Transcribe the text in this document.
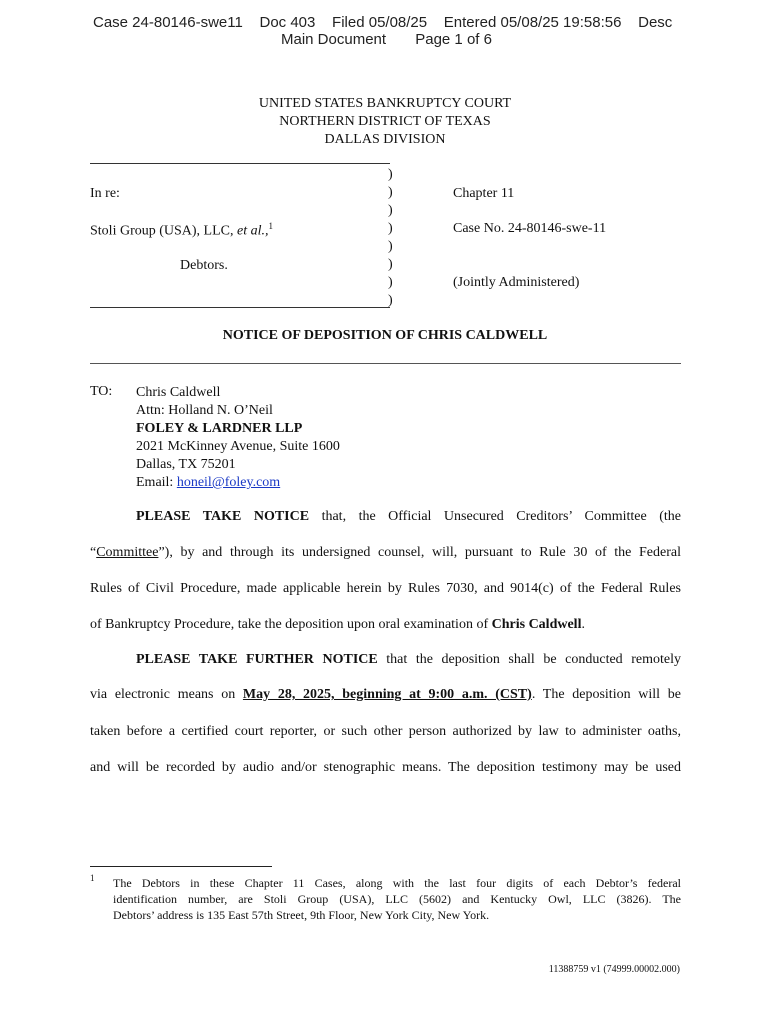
Case 24-80146-swe11 Doc 403 Filed 05/08/25 Entered 05/08/25 19:58:56 Desc
Main Document Page 1 of 6
UNITED STATES BANKRUPTCY COURT
NORTHERN DISTRICT OF TEXAS
DALLAS DIVISION
)
)
)
)
)
)
)
)
In re:
Stoli Group (USA), LLC, et al.,$^1$
Debtors.
Chapter 11
Case No. 24-80146-swe-11
(Jointly Administered)
NOTICE OF DEPOSITION OF CHRIS CALDWELL
TO: Chris Caldwell
Attn: Holland N. O’Neil
FOLEY & LARDNER LLP
2021 McKinney Avenue, Suite 1600
Dallas, TX 75201
Email: honeil@foley.com
PLEASE TAKE NOTICE that, the Official Unsecured Creditors’ Committee (the
“Committee”), by and through its undersigned counsel, will, pursuant to Rule 30 of the Federal
Rules of Civil Procedure, made applicable herein by Rules 7030, and 9014(c) of the Federal Rules
of Bankruptcy Procedure, take the deposition upon oral examination of Chris Caldwell.
PLEASE TAKE FURTHER NOTICE that the deposition shall be conducted remotely
via electronic means on May 28, 2025, beginning at 9:00 a.m. (CST). The deposition will be
taken before a certified court reporter, or such other person authorized by law to administer oaths,
and will be recorded by audio and/or stenographic means. The deposition testimony may be used
1 The Debtors in these Chapter 11 Cases, along with the last four digits of each Debtor’s federal
identification number, are Stoli Group (USA), LLC (5602) and Kentucky Owl, LLC (3826). The
Debtors’ address is 135 East 57th Street, 9th Floor, New York City, New York.
11388759 v1 (74999.00002.000)
